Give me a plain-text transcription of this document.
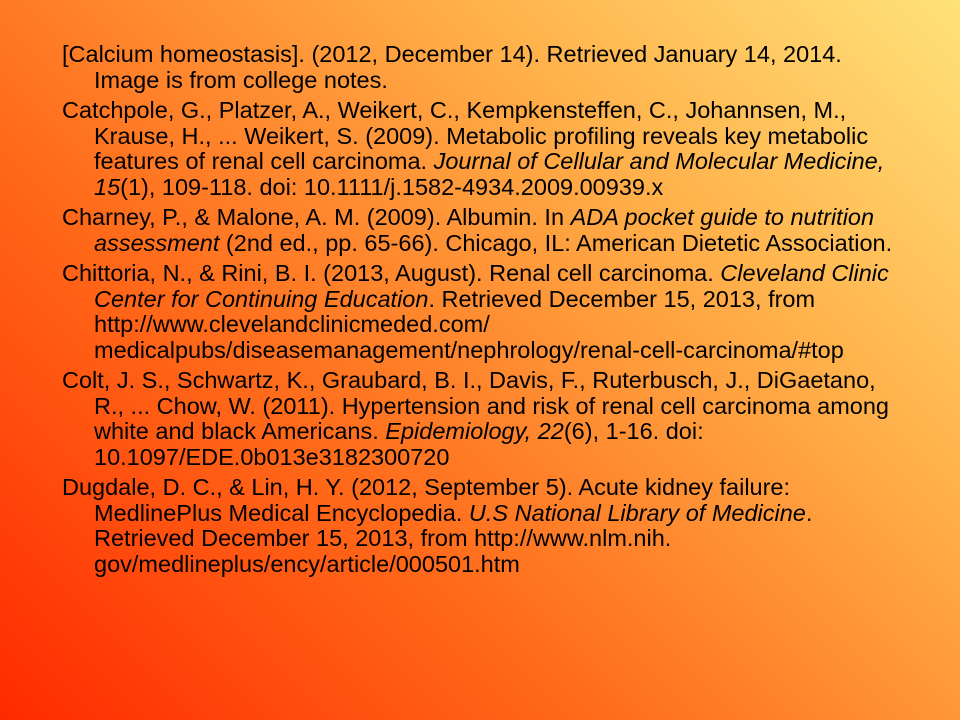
[Calcium homeostasis]. (2012, December 14). Retrieved January 14, 2014. Image is from college notes.

Catchpole, G., Platzer, A., Weikert, C., Kempkensteffen, C., Johannsen, M., Krause, H., ... Weikert, S. (2009). Metabolic profiling reveals key metabolic features of renal cell carcinoma. Journal of Cellular and Molecular Medicine, 15(1), 109-118. doi: 10.1111/j.1582-4934.2009.00939.x

Charney, P., & Malone, A. M. (2009). Albumin. In ADA pocket guide to nutrition assessment (2nd ed., pp. 65-66). Chicago, IL: American Dietetic Association.

Chittoria, N., & Rini, B. I. (2013, August). Renal cell carcinoma. Cleveland Clinic Center for Continuing Education. Retrieved December 15, 2013, from http://www.clevelandclinicmeded.com/ medicalpubs/diseasemanagement/nephrology/renal-cell-carcinoma/#top

Colt, J. S., Schwartz, K., Graubard, B. I., Davis, F., Ruterbusch, J., DiGaetano, R., ... Chow, W. (2011). Hypertension and risk of renal cell carcinoma among white and black Americans. Epidemiology, 22(6), 1-16. doi: 10.1097/EDE.0b013e3182300720

Dugdale, D. C., & Lin, H. Y. (2012, September 5). Acute kidney failure: MedlinePlus Medical Encyclopedia. U.S National Library of Medicine. Retrieved December 15, 2013, from http://www.nlm.nih. gov/medlineplus/ency/article/000501.htm
